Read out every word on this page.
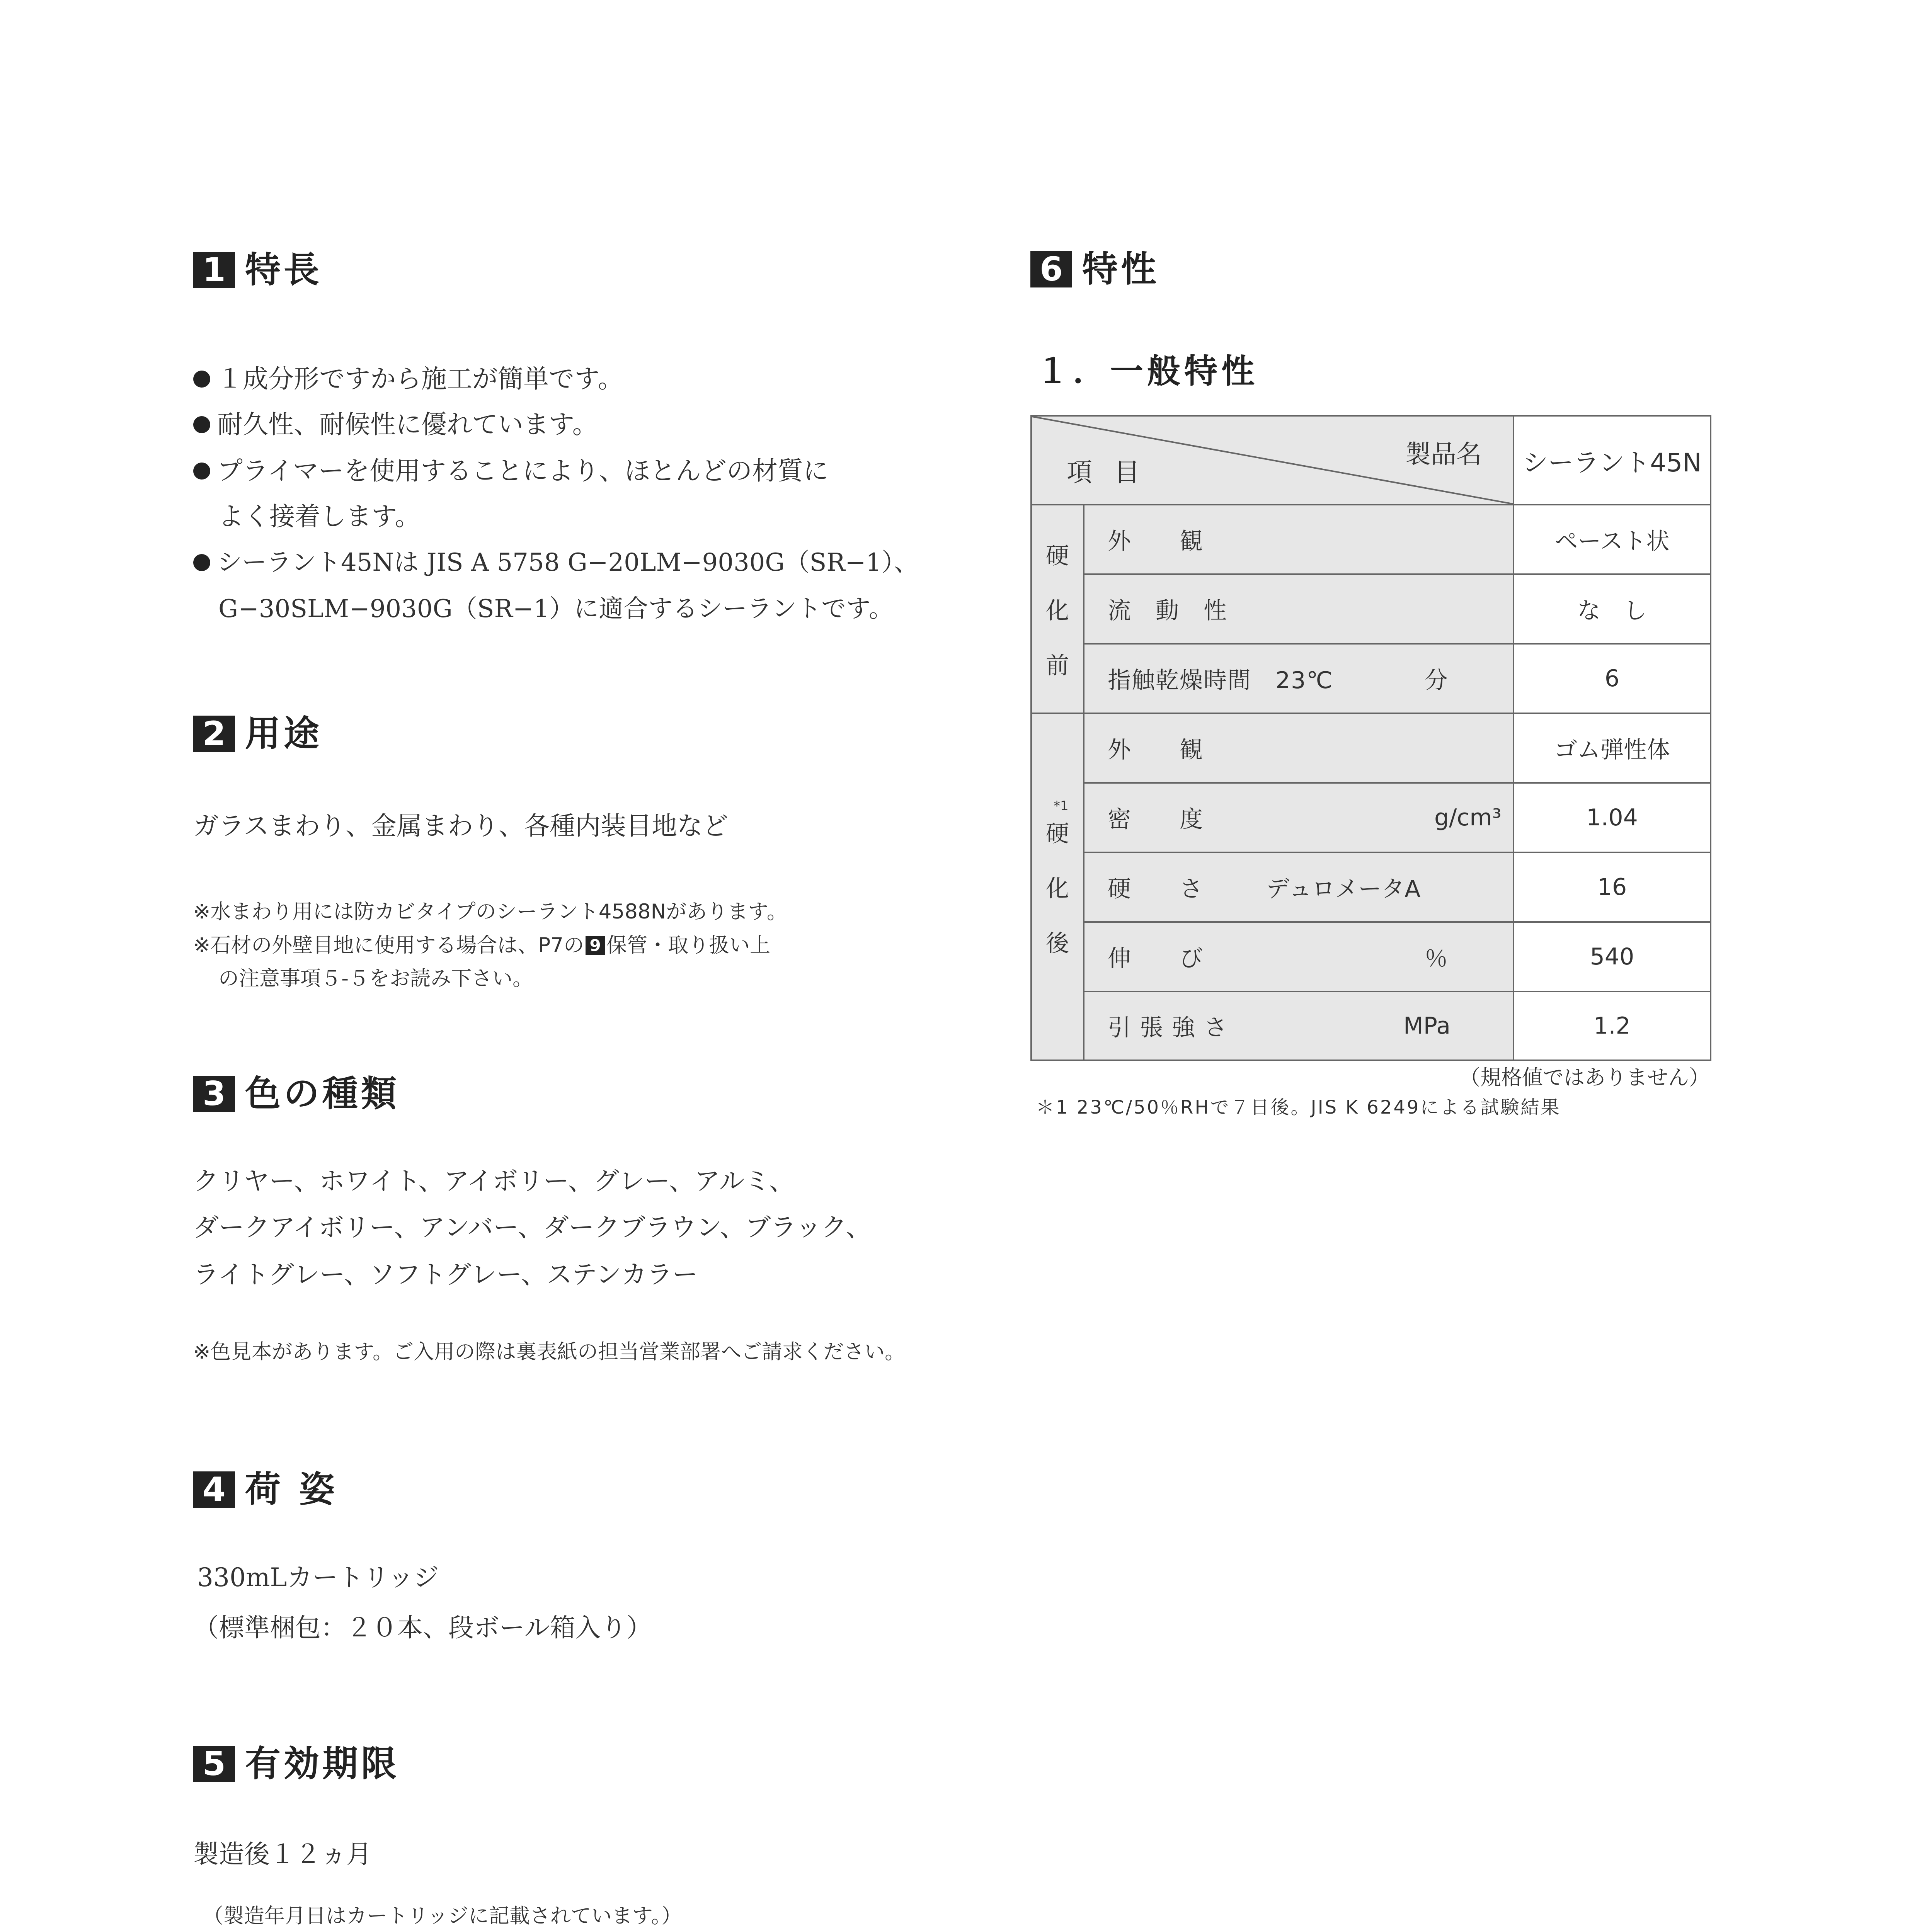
1 特長
１成分形ですから施工が簡単です。
耐久性、耐候性に優れています。
プライマーを使用することにより、ほとんどの材質に
よく接着します。
シーラント45Nは JIS A 5758 G−20LM−9030G（SR−1）、
G−30SLM−9030G（SR−1）に適合するシーラントです。
2 用途
ガラスまわり、金属まわり、各種内装目地など
※水まわり用には防カビタイプのシーラント4588Nがあります。
※石材の外壁目地に使用する場合は、P7の 9 保管・取り扱い上
の注意事項５-５をお読み下さい。
3 色の種類
クリヤー、ホワイト、アイボリー、グレー、アルミ、
ダークアイボリー、アンバー、ダークブラウン、ブラック、
ライトグレー、ソフトグレー、ステンカラー
※色見本があります。ご入用の際は裏表紙の担当営業部署へご請求ください。
4 荷 姿
330mLカートリッジ
（標準梱包：２０本、段ボール箱入り）
5 有効期限
製造後１２ヵ月
（製造年月日はカートリッジに記載されています。）
6 特性
１．一般特性
製品名
項 目		シーラント45N

硬
化
前	外　　観	ペースト状

	流　動　性	な　し

	指触乾燥時間　23℃ 分	6

*1
硬
化
後	外　　観	ゴム弾性体

	密　　度 g/cm³	1.04

	硬　　さ デュロメータA	16

	伸　　び ％	540

	引 張 強 さ MPa	1.2
（規格値ではありません）
＊1 23℃/50％RHで７日後。JIS K 6249による試験結果
